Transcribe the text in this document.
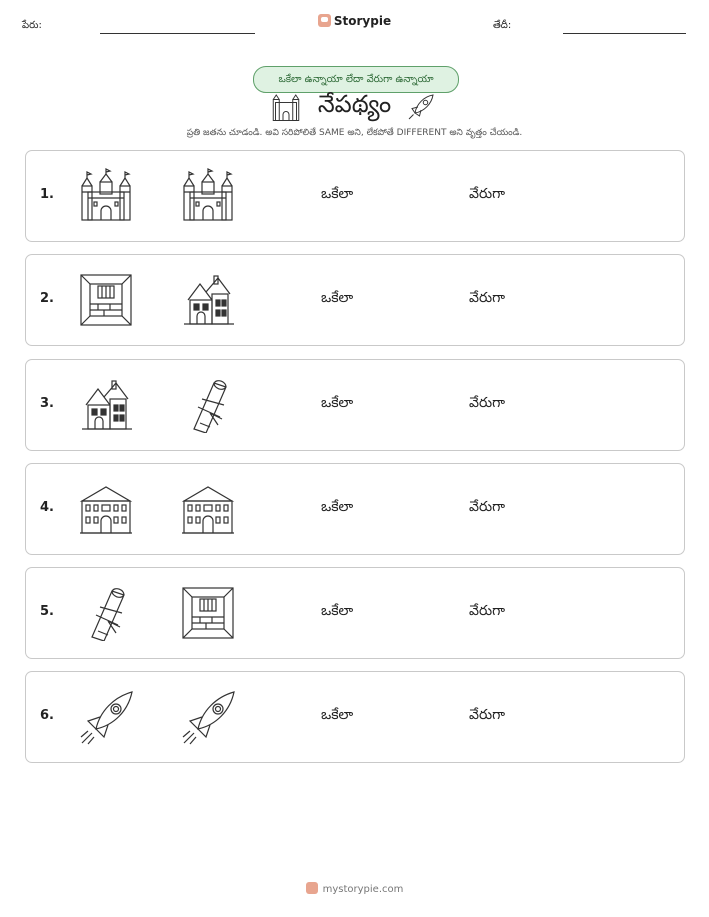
పేరు:	Storypie	తేదీ:
ఒకేలా ఉన్నాయా లేదా వేరుగా ఉన్నాయా
నేపథ్యం
ప్రతి జతను చూడండి. అవి సరిపోలితే SAME అని, లేకపోతే DIFFERENT అని వృత్తం చేయండి.
1.	ఒకేలా	వేరుగా
2.	ఒకేలా	వేరుగా
3.	ఒకేలా	వేరుగా
4.	ఒకేలా	వేరుగా
5.	ఒకేలా	వేరుగా
6.	ఒకేలా	వేరుగా
mystorypie.com
